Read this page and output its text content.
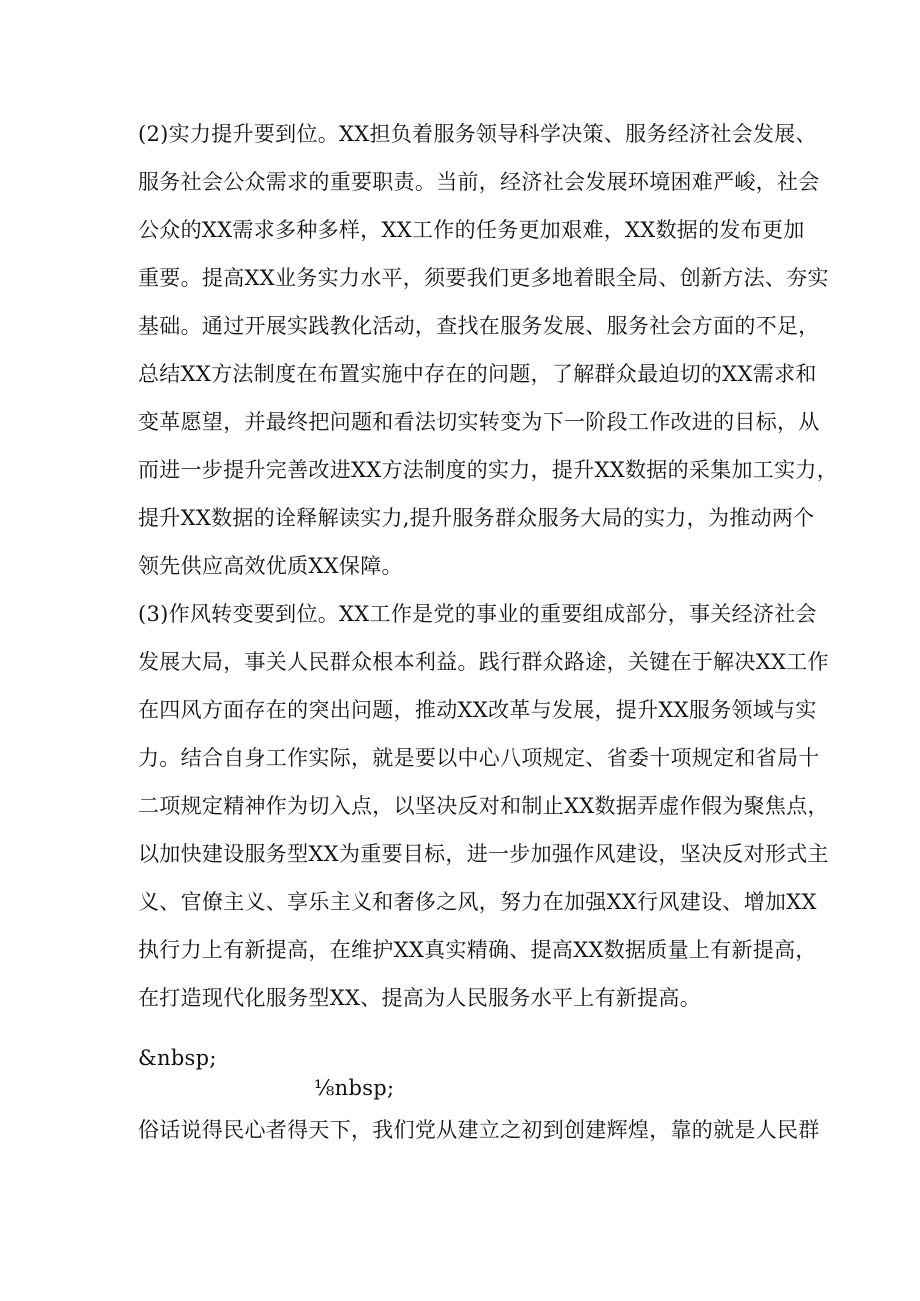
(2)实力提升要到位。XX担负着服务领导科学决策、服务经济社会发展、
服务社会公众需求的重要职责。当前，经济社会发展环境困难严峻，社会
公众的XX需求多种多样，XX工作的任务更加艰难，XX数据的发布更加
重要。提高XX业务实力水平，须要我们更多地着眼全局、创新方法、夯实
基础。通过开展实践教化活动，查找在服务发展、服务社会方面的不足，
总结XX方法制度在布置实施中存在的问题，了解群众最迫切的XX需求和
变革愿望，并最终把问题和看法切实转变为下一阶段工作改进的目标，从
而进一步提升完善改进XX方法制度的实力，提升XX数据的采集加工实力，
提升XX数据的诠释解读实力,提升服务群众服务大局的实力，为推动两个
领先供应高效优质XX保障。
(3)作风转变要到位。XX工作是党的事业的重要组成部分，事关经济社会
发展大局，事关人民群众根本利益。践行群众路途，关键在于解决XX工作
在四风方面存在的突出问题，推动XX改革与发展，提升XX服务领域与实
力。结合自身工作实际，就是要以中心八项规定、省委十项规定和省局十
二项规定精神作为切入点，以坚决反对和制止XX数据弄虚作假为聚焦点，
以加快建设服务型XX为重要目标，进一步加强作风建设，坚决反对形式主
义、官僚主义、享乐主义和奢侈之风，努力在加强XX行风建设、增加XX
执行力上有新提高，在维护XX真实精确、提高XX数据质量上有新提高，
在打造现代化服务型XX、提高为人民服务水平上有新提高。
&nbsp;
⅛nbsp;
俗话说得民心者得天下，我们党从建立之初到创建辉煌，靠的就是人民群
